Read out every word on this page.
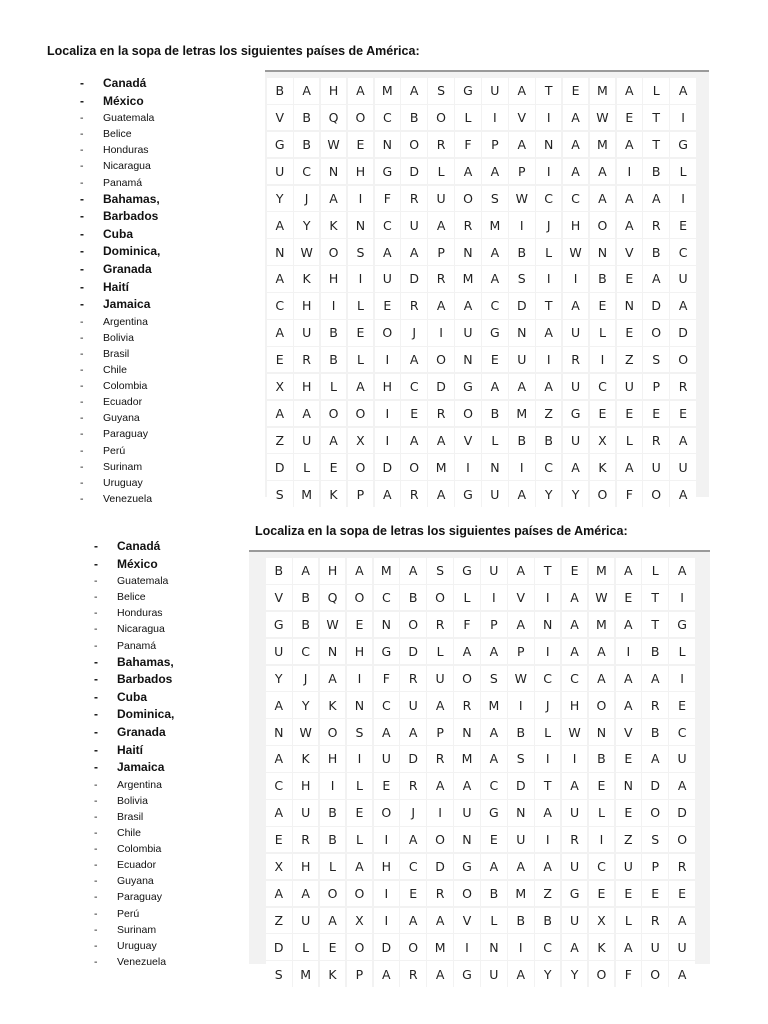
Localiza en la sopa de letras los siguientes países de América:
- Canadá
- México
- Guatemala
- Belice
- Honduras
- Nicaragua
- Panamá
- Bahamas,
- Barbados
- Cuba
- Dominica,
- Granada
- Haití
- Jamaica
- Argentina
- Bolivia
- Brasil
- Chile
- Colombia
- Ecuador
- Guyana
- Paraguay
- Perú
- Surinam
- Uruguay
- Venezuela
B	A	H	A	M	A	S	G	U	A	T	E	M	A	L	A
V	B	Q	O	C	B	O	L	I	V	I	A	W	E	T	I
G	B	W	E	N	O	R	F	P	A	N	A	M	A	T	G
U	C	N	H	G	D	L	A	A	P	I	A	A	I	B	L
Y	J	A	I	F	R	U	O	S	W	C	C	A	A	A	I
A	Y	K	N	C	U	A	R	M	I	J	H	O	A	R	E
N	W	O	S	A	A	P	N	A	B	L	W	N	V	B	C
A	K	H	I	U	D	R	M	A	S	I	I	B	E	A	U
C	H	I	L	E	R	A	A	C	D	T	A	E	N	D	A
A	U	B	E	O	J	I	U	G	N	A	U	L	E	O	D
E	R	B	L	I	A	O	N	E	U	I	R	I	Z	S	O
X	H	L	A	H	C	D	G	A	A	A	U	C	U	P	R
A	A	O	O	I	E	R	O	B	M	Z	G	E	E	E	E
Z	U	A	X	I	A	A	V	L	B	B	U	X	L	R	A
D	L	E	O	D	O	M	I	N	I	C	A	K	A	U	U
S	M	K	P	A	R	A	G	U	A	Y	Y	O	F	O	A
Localiza en la sopa de letras los siguientes países de América:
- Canadá
- México
- Guatemala
- Belice
- Honduras
- Nicaragua
- Panamá
- Bahamas,
- Barbados
- Cuba
- Dominica,
- Granada
- Haití
- Jamaica
- Argentina
- Bolivia
- Brasil
- Chile
- Colombia
- Ecuador
- Guyana
- Paraguay
- Perú
- Surinam
- Uruguay
- Venezuela
B	A	H	A	M	A	S	G	U	A	T	E	M	A	L	A
V	B	Q	O	C	B	O	L	I	V	I	A	W	E	T	I
G	B	W	E	N	O	R	F	P	A	N	A	M	A	T	G
U	C	N	H	G	D	L	A	A	P	I	A	A	I	B	L
Y	J	A	I	F	R	U	O	S	W	C	C	A	A	A	I
A	Y	K	N	C	U	A	R	M	I	J	H	O	A	R	E
N	W	O	S	A	A	P	N	A	B	L	W	N	V	B	C
A	K	H	I	U	D	R	M	A	S	I	I	B	E	A	U
C	H	I	L	E	R	A	A	C	D	T	A	E	N	D	A
A	U	B	E	O	J	I	U	G	N	A	U	L	E	O	D
E	R	B	L	I	A	O	N	E	U	I	R	I	Z	S	O
X	H	L	A	H	C	D	G	A	A	A	U	C	U	P	R
A	A	O	O	I	E	R	O	B	M	Z	G	E	E	E	E
Z	U	A	X	I	A	A	V	L	B	B	U	X	L	R	A
D	L	E	O	D	O	M	I	N	I	C	A	K	A	U	U
S	M	K	P	A	R	A	G	U	A	Y	Y	O	F	O	A
